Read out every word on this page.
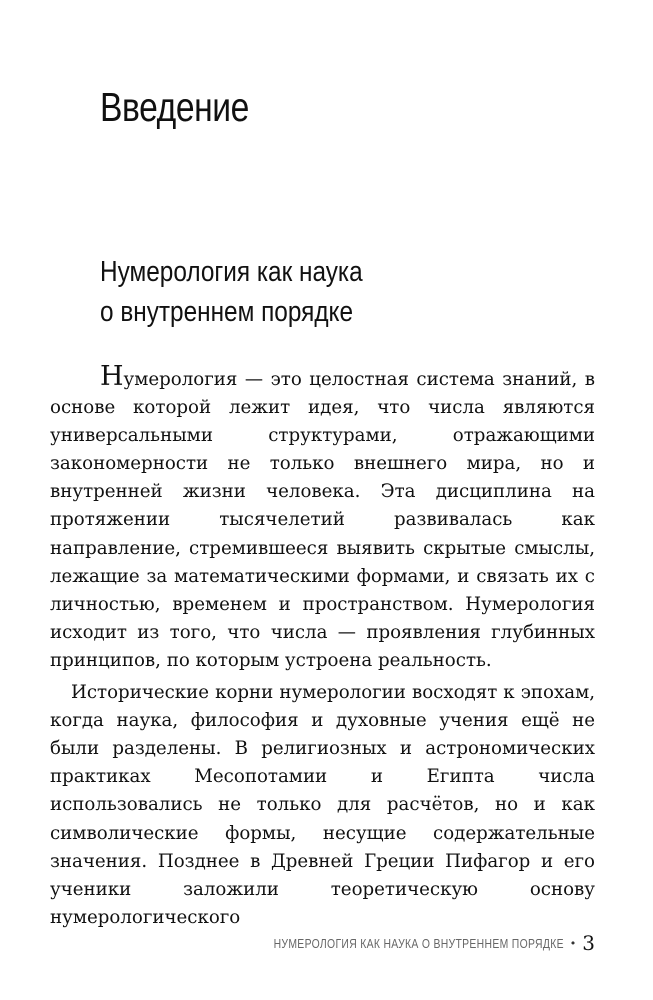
Введение
Нумерология как наука
о внутреннем порядке

Нумерология — это целостная система знаний, в основе которой лежит идея, что числа являются универсальными структурами, отражающими закономерности не только внешнего мира, но и внутренней жизни человека. Эта дисциплина на протяжении тысячелетий развивалась как направление, стремившееся выявить скрытые смыслы, лежащие за математическими формами, и связать их с личностью, временем и пространством. Нумерология исходит из того, что числа — проявления глубинных принципов, по которым устроена реальность.

Исторические корни нумерологии восходят к эпохам, когда наука, философия и духовные учения ещё не были разделены. В религиозных и астрономических практиках Месопотамии и Египта числа использовались не только для расчётов, но и как символические формы, несущие содержательные значения. Позднее в Древней Греции Пифагор и его ученики заложили теоретическую основу нумерологического

НУМЕРОЛОГИЯ КАК НАУКА О ВНУТРЕННЕМ ПОРЯДКЕ • 3
